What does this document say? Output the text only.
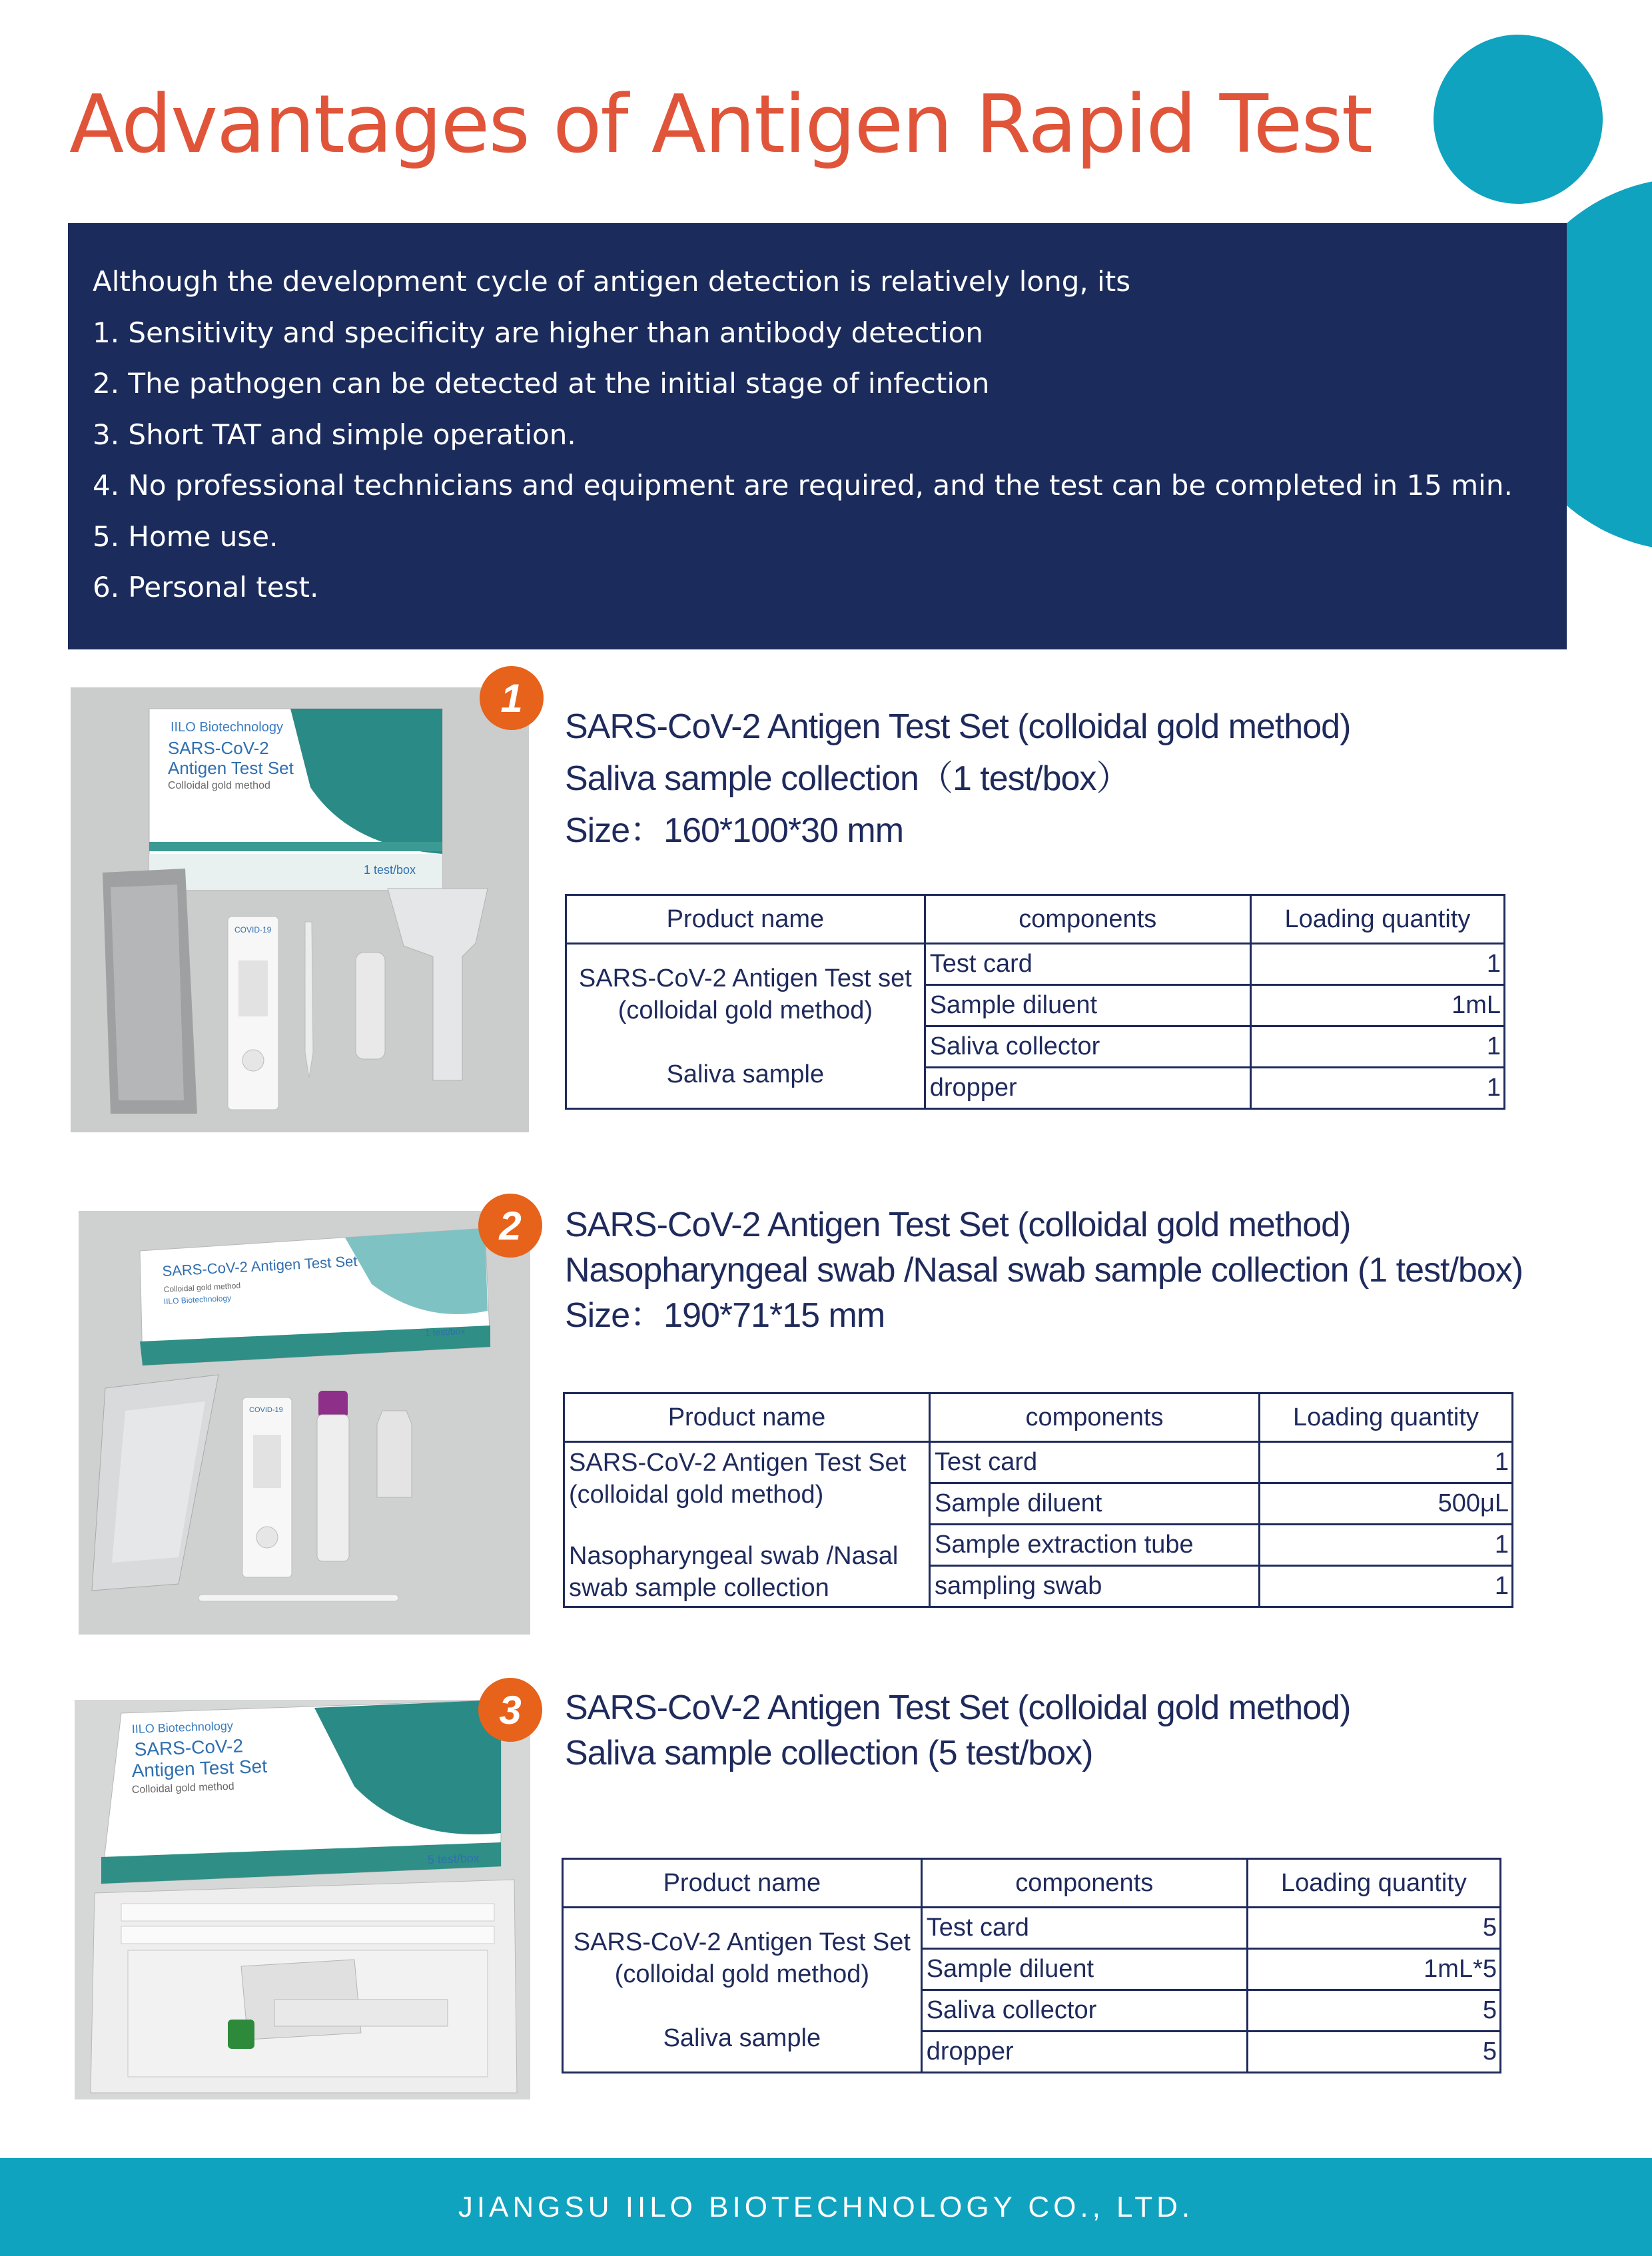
Advantages of Antigen Rapid Test
Although the development cycle of antigen detection is relatively long, its
1. Sensitivity and specificity are higher than antibody detection
2. The pathogen can be detected at the initial stage of infection
3. Short TAT and simple operation.
4. No professional technicians and equipment are required, and the test can be completed in 15 min.
5. Home use.
6. Personal test.
IILO Biotechnology
SARS-CoV-2
Antigen Test Set
Colloidal gold method
1 test/box
COVID-19
1
SARS-CoV-2 Antigen Test Set (colloidal gold method)
Saliva sample collection（1 test/box）
Size：160*100*30 mm
Product name	components	Loading quantity

SARS-CoV-2 Antigen Test set
(colloidal gold method)
Saliva sample	Test card	1
	Sample diluent	1mL
	Saliva collector	1
	dropper	1
SARS-CoV-2 Antigen Test Set
Colloidal gold method
IILO Biotechnology
1 test/box
COVID-19
2	SARS-CoV-2 Antigen Test Set (colloidal gold method)
Nasopharyngeal swab /Nasal swab sample collection (1 test/box)
Size：190*71*15 mm
Product name	components	Loading quantity

SARS-CoV-2 Antigen Test Set
(colloidal gold method)
Nasopharyngeal swab /Nasal
swab sample collection	Test card	1
	Sample diluent	500μL
	Sample extraction tube	1
	sampling swab	1
IILO Biotechnology
SARS-CoV-2
Antigen Test Set
Colloidal gold method
5 test/box
3	SARS-CoV-2 Antigen Test Set (colloidal gold method)
Saliva sample collection (5 test/box)
Product name	components	Loading quantity

SARS-CoV-2 Antigen Test Set
(colloidal gold method)
Saliva sample	Test card	5
	Sample diluent	1mL*5
	Saliva collector	5
	dropper	5
JIANGSU IILO BIOTECHNOLOGY CO., LTD.
